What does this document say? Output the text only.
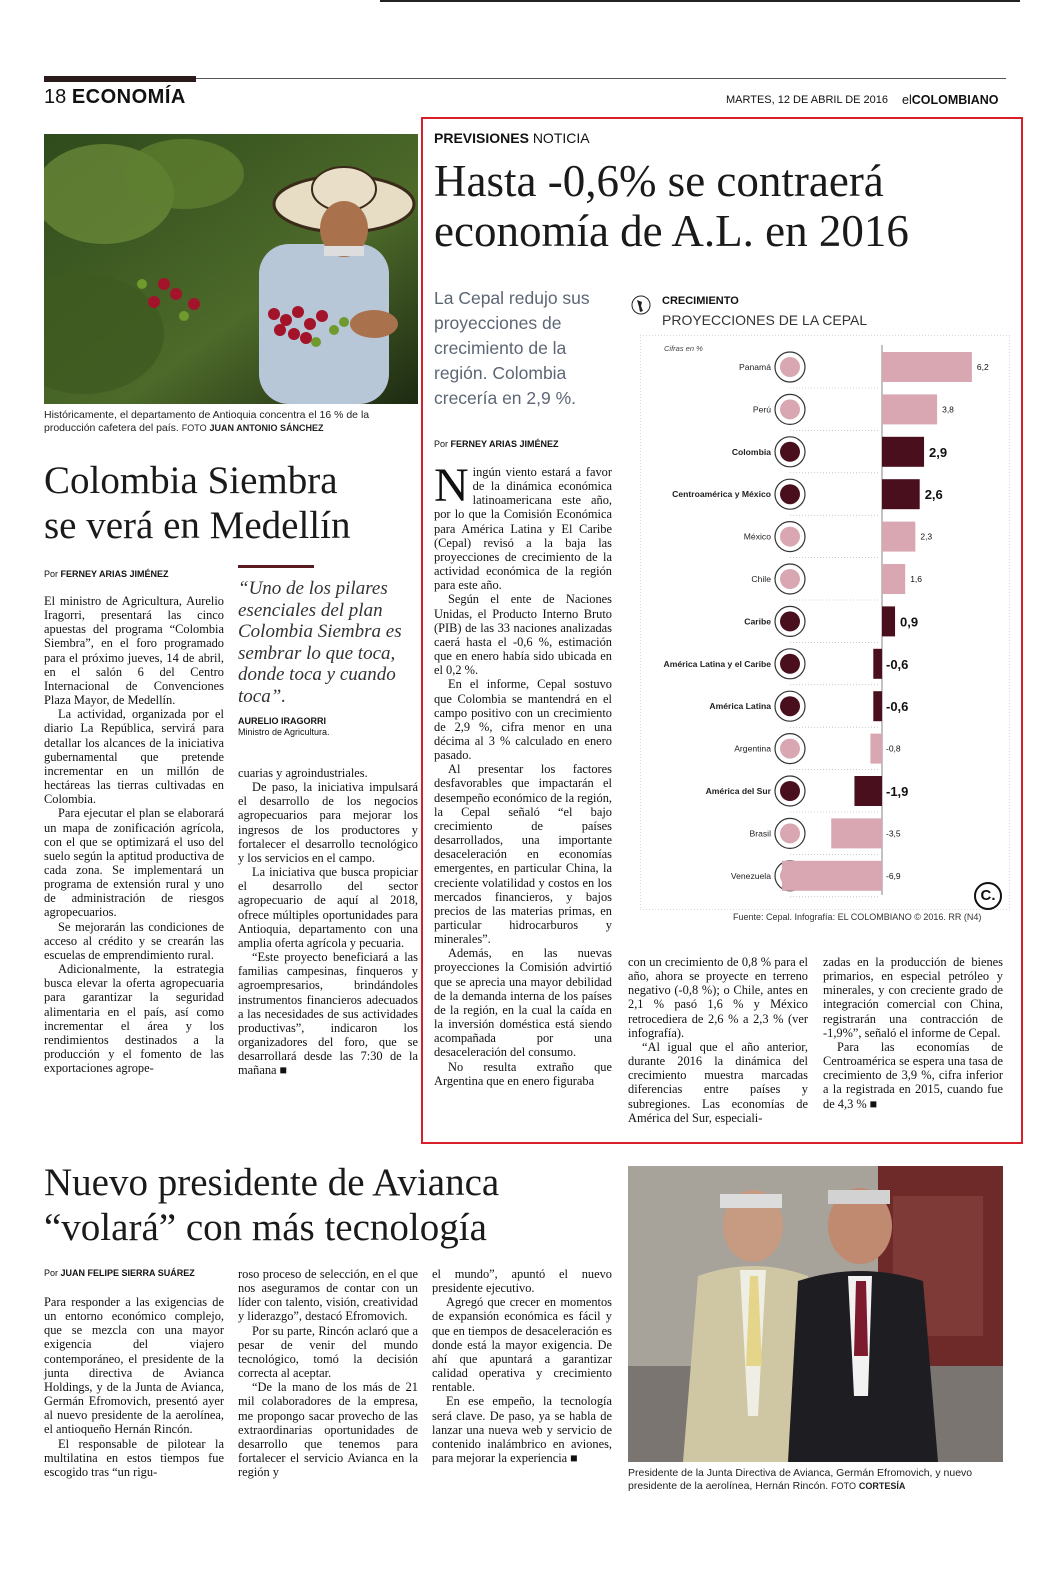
18 ECONOMÍA	MARTES, 12 DE ABRIL DE 2016 elCOLOMBIANO
Históricamente, el departamento de Antioquia concentra el 16 % de la producción cafetera del país. FOTO JUAN ANTONIO SÁNCHEZ
Colombia Siembra
se verá en Medellín
Por FERNEY ARIAS JIMÉNEZ

El ministro de Agricultura, Aurelio Iragorri, presentará las cinco apuestas del programa “Colombia Siembra”, en el foro programado para el próximo jueves, 14 de abril, en el salón 6 del Centro Internacional de Convenciones Plaza Mayor, de Medellín.

La actividad, organizada por el diario La República, servirá para detallar los alcances de la iniciativa gubernamental que pretende incrementar en un millón de hectáreas las tierras cultivadas en Colombia.

Para ejecutar el plan se elaborará un mapa de zonificación agrícola, con el que se optimizará el uso del suelo según la aptitud productiva de cada zona. Se implementará un programa de extensión rural y uno de administración de riesgos agropecuarios.

Se mejorarán las condiciones de acceso al crédito y se crearán las escuelas de emprendimiento rural.

Adicionalmente, la estrategia busca elevar la oferta agropecuaria para garantizar la seguridad alimentaria en el país, así como incrementar el área y los rendimientos destinados a la producción y el fomento de las exportaciones agrope-

“Uno de los pilares esenciales del plan Colombia Siembra es sembrar lo que toca, donde toca y cuando toca”.
AURELIO IRAGORRI
Ministro de Agricultura.

cuarias y agroindustriales.

De paso, la iniciativa impulsará el desarrollo de los negocios agropecuarios para mejorar los ingresos de los productores y fortalecer el desarrollo tecnológico y los servicios en el campo.

La iniciativa que busca propiciar el desarrollo del sector agropecuario de aquí al 2018, ofrece múltiples oportunidades para Antioquia, departamento con una amplia oferta agrícola y pecuaria.

“Este proyecto beneficiará a las familias campesinas, finqueros y agroempresarios, brindándoles instrumentos financieros adecuados a las necesidades de sus actividades productivas”, indicaron los organizadores del foro, que se desarrollará desde las 7:30 de la mañana ■

PREVISIONES NOTICIA
Hasta -0,6% se contraerá
economía de A.L. en 2016
La Cepal redujo sus proyecciones de crecimiento de la región. Colombia crecería en 2,9 %.
Por FERNEY ARIAS JIMÉNEZ

Ningún viento estará a favor de la dinámica económica latinoamericana este año, por lo que la Comisión Económica para América Latina y El Caribe (Cepal) revisó a la baja las proyecciones de crecimiento de la actividad económica de la región para este año.

Según el ente de Naciones Unidas, el Producto Interno Bruto (PIB) de las 33 naciones analizadas caerá hasta el -0,6 %, estimación que en enero había sido ubicada en el 0,2 %.

En el informe, Cepal sostuvo que Colombia se mantendrá en el campo positivo con un crecimiento de 2,9 %, cifra menor en una décima al 3 % calculado en enero pasado.

Al presentar los factores desfavorables que impactarán el desempeño económico de la región, la Cepal señaló “el bajo crecimiento de países desarrollados, una importante desaceleración en economías emergentes, en particular China, la creciente volatilidad y costos en los mercados financieros, y bajos precios de las materias primas, en particular hidrocarburos y minerales”.

Además, en las nuevas proyecciones la Comisión advirtió que se aprecia una mayor debilidad de la demanda interna de los países de la región, en la cual la caída en la inversión doméstica está siendo acompañada por una desaceleración del consumo.

No resulta extraño que Argentina que en enero figuraba

CRECIMIENTO
PROYECCIONES DE LA CEPAL
Cifras en %
Panamá	6,2
Perú	3,8
Colombia	2,9
Centroamérica y México	2,6
México	2,3
Chile	1,6
Caribe	0,9
América Latina y el Caribe	-0,6
América Latina	-0,6
Argentina	-0,8
América del Sur	-1,9
Brasil	-3,5
Venezuela	-6,9
C.
Fuente: Cepal. Infografía: EL COLOMBIANO © 2016. RR (N4)

con un crecimiento de 0,8 % para el año, ahora se proyecte en terreno negativo (-0,8 %); o Chile, antes en 2,1 % pasó 1,6 % y México retrocediera de 2,6 % a 2,3 % (ver infografía).

“Al igual que el año anterior, durante 2016 la dinámica del crecimiento muestra marcadas diferencias entre países y subregiones. Las economías de América del Sur, especiali-

zadas en la producción de bienes primarios, en especial petróleo y minerales, y con creciente grado de integración comercial con China, registrarán una contracción de -1,9%”, señaló el informe de Cepal.

Para las economías de Centroamérica se espera una tasa de crecimiento de 3,9 %, cifra inferior a la registrada en 2015, cuando fue de 4,3 % ■

Nuevo presidente de Avianca
“volará” con más tecnología
Por JUAN FELIPE SIERRA SUÁREZ

Para responder a las exigencias de un entorno económico complejo, que se mezcla con una mayor exigencia del viajero contemporáneo, el presidente de la junta directiva de Avianca Holdings, y de la Junta de Avianca, Germán Efromovich, presentó ayer al nuevo presidente de la aerolínea, el antioqueño Hernán Rincón.

El responsable de pilotear la multilatina en estos tiempos fue escogido tras “un rigu-

roso proceso de selección, en el que nos aseguramos de contar con un líder con talento, visión, creatividad y liderazgo”, destacó Efromovich.

Por su parte, Rincón aclaró que a pesar de venir del mundo tecnológico, tomó la decisión correcta al aceptar.

“De la mano de los más de 21 mil colaboradores de la empresa, me propongo sacar provecho de las extraordinarias oportunidades de desarrollo que tenemos para fortalecer el servicio Avianca en la región y

el mundo”, apuntó el nuevo presidente ejecutivo.

Agregó que crecer en momentos de expansión económica es fácil y que en tiempos de desaceleración es donde está la mayor exigencia. De ahí que apuntará a garantizar calidad operativa y crecimiento rentable.

En ese empeño, la tecnología será clave. De paso, ya se habla de lanzar una nueva web y servicio de contenido inalámbrico en aviones, para mejorar la experiencia ■

Presidente de la Junta Directiva de Avianca, Germán Efromovich, y nuevo presidente de la aerolínea, Hernán Rincón. FOTO CORTESÍA
